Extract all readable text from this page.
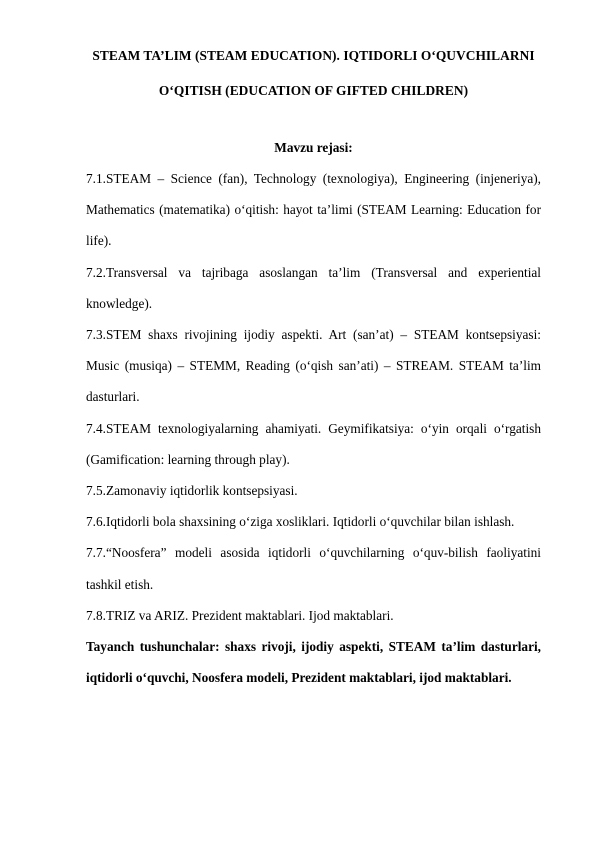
STEAM TA’LIM (STEAM EDUCATION). IQTIDORLI O‘QUVCHILARNI
O‘QITISH (EDUCATION OF GIFTED CHILDREN)
Mavzu rejasi:

7.1.STEAM – Science (fan), Technology (texnologiya), Engineering (injeneriya), Mathematics (matematika) o‘qitish: hayot ta’limi (STEAM Learning: Education for life).

7.2.Transversal va tajribaga asoslangan ta’lim (Transversal and experiential knowledge).

7.3.STEM shaxs rivojining ijodiy aspekti. Art (san’at) – STEAM kontsepsiyasi: Music (musiqa) – STEMM, Reading (o‘qish san’ati) – STREAM. STEAM ta’lim dasturlari.

7.4.STEAM texnologiyalarning ahamiyati. Geymifikatsiya: o‘yin orqali o‘rgatish (Gamification: learning through play).

7.5.Zamonaviy iqtidorlik kontsepsiyasi.

7.6.Iqtidorli bola shaxsining o‘ziga xosliklari. Iqtidorli o‘quvchilar bilan ishlash.

7.7.“Noosfera” modeli asosida iqtidorli o‘quvchilarning o‘quv-bilish faoliyatini tashkil etish.

7.8.TRIZ va ARIZ. Prezident maktablari. Ijod maktablari.

Tayanch tushunchalar: shaxs rivoji, ijodiy aspekti, STEAM ta’lim dasturlari, iqtidorli o‘quvchi, Noosfera modeli, Prezident maktablari, ijod maktablari.
